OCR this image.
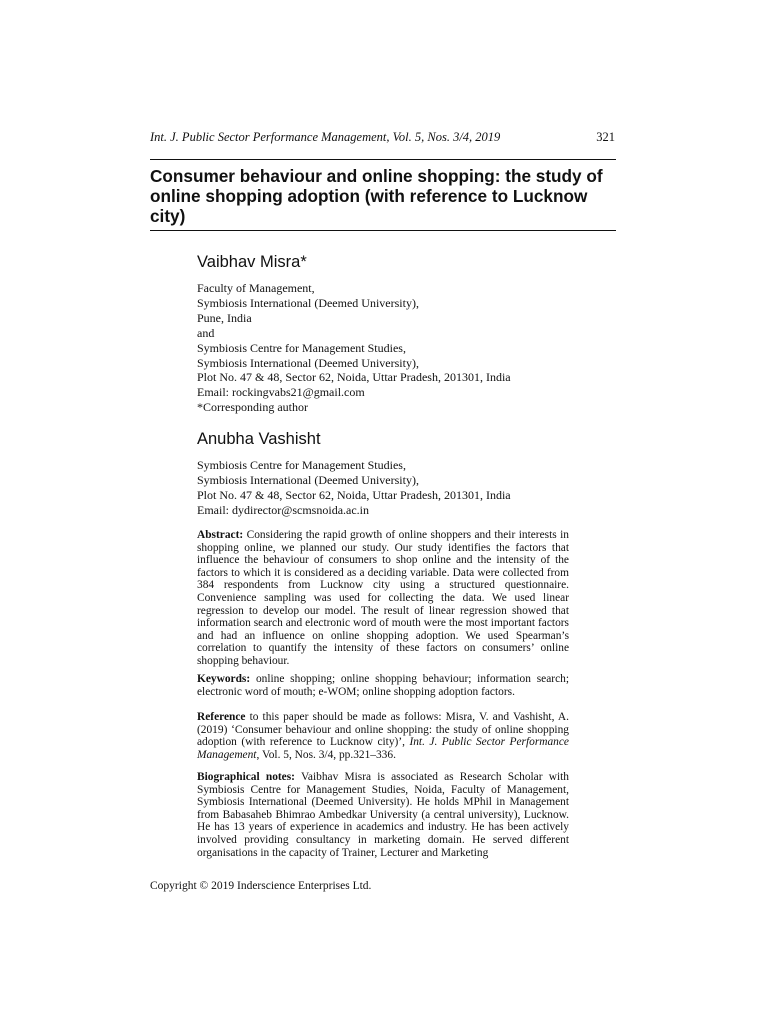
Int. J. Public Sector Performance Management, Vol. 5, Nos. 3/4, 2019	321
Consumer behaviour and online shopping: the study of online shopping adoption (with reference to Lucknow city)
Vaibhav Misra*
Faculty of Management,
Symbiosis International (Deemed University),
Pune, India
and
Symbiosis Centre for Management Studies,
Symbiosis International (Deemed University),
Plot No. 47 & 48, Sector 62, Noida, Uttar Pradesh, 201301, India
Email: rockingvabs21@gmail.com
*Corresponding author
Anubha Vashisht
Symbiosis Centre for Management Studies,
Symbiosis International (Deemed University),
Plot No. 47 & 48, Sector 62, Noida, Uttar Pradesh, 201301, India
Email: dydirector@scmsnoida.ac.in

Abstract: Considering the rapid growth of online shoppers and their interests in shopping online, we planned our study. Our study identifies the factors that influence the behaviour of consumers to shop online and the intensity of the factors to which it is considered as a deciding variable. Data were collected from 384 respondents from Lucknow city using a structured questionnaire. Convenience sampling was used for collecting the data. We used linear regression to develop our model. The result of linear regression showed that information search and electronic word of mouth were the most important factors and had an influence on online shopping adoption. We used Spearman’s correlation to quantify the intensity of these factors on consumers’ online shopping behaviour.

Keywords: online shopping; online shopping behaviour; information search; electronic word of mouth; e-WOM; online shopping adoption factors.

Reference to this paper should be made as follows: Misra, V. and Vashisht, A. (2019) ‘Consumer behaviour and online shopping: the study of online shopping adoption (with reference to Lucknow city)’, Int. J. Public Sector Performance Management, Vol. 5, Nos. 3/4, pp.321–336.

Biographical notes: Vaibhav Misra is associated as Research Scholar with Symbiosis Centre for Management Studies, Noida, Faculty of Management, Symbiosis International (Deemed University). He holds MPhil in Management from Babasaheb Bhimrao Ambedkar University (a central university), Lucknow. He has 13 years of experience in academics and industry. He has been actively involved providing consultancy in marketing domain. He served different organisations in the capacity of Trainer, Lecturer and Marketing

Copyright © 2019 Inderscience Enterprises Ltd.
